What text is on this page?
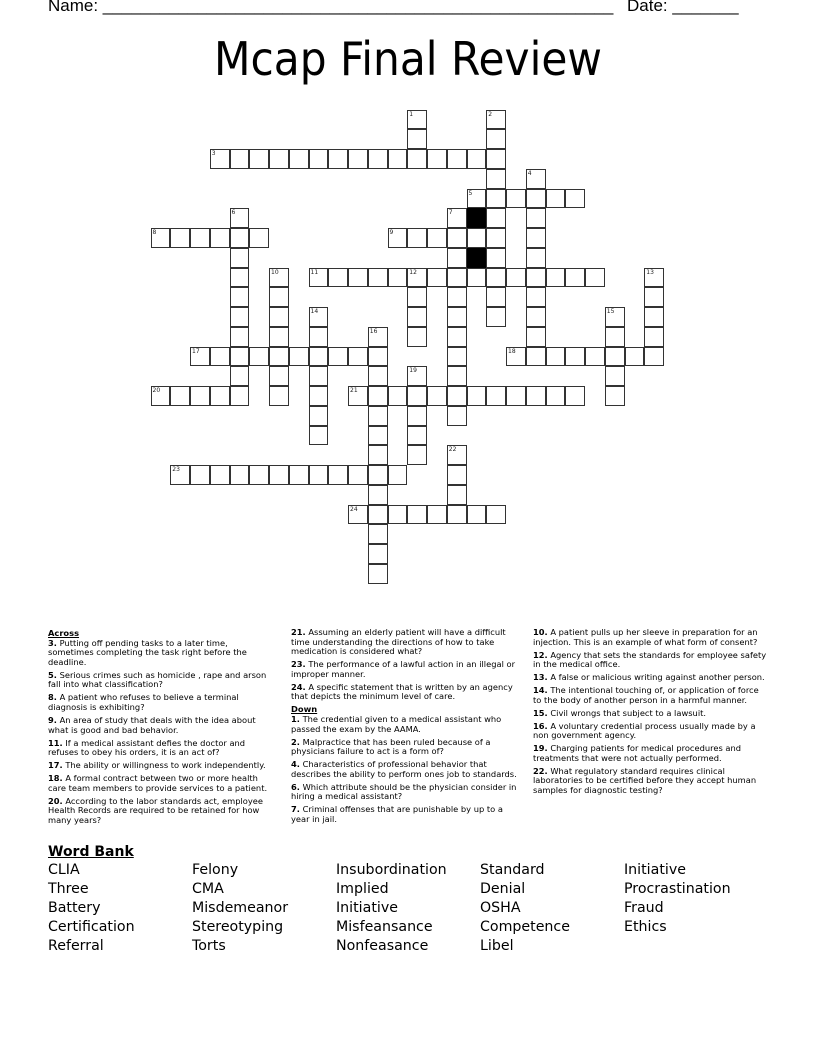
Name: ______________________________________________________ Date: _______
Mcap Final Review
3
5
8	9
11	12
17	18
20	21
23
24
1	2
4
6	7
10	13
14	15
16
19
22
Across
3. Putting off pending tasks to a later time, sometimes completing the task right before the deadline.
5. Serious crimes such as homicide , rape and arson fall into what classification?
8. A patient who refuses to believe a terminal diagnosis is exhibiting?
9. An area of study that deals with the idea about what is good and bad behavior.
11. If a medical assistant defies the doctor and refuses to obey his orders, it is an act of?
17. The ability or willingness to work independently.
18. A formal contract between two or more health care team members to provide services to a patient.
20. According to the labor standards act, employee Health Records are required to be retained for how many years?
21. Assuming an elderly patient will have a difficult time understanding the directions of how to take medication is considered what?
23. The performance of a lawful action in an illegal or improper manner.
24. A specific statement that is written by an agency that depicts the minimum level of care.
Down
1. The credential given to a medical assistant who passed the exam by the AAMA.
2. Malpractice that has been ruled because of a physicians failure to act is a form of?
4. Characteristics of professional behavior that describes the ability to perform ones job to standards.
6. Which attribute should be the physician consider in hiring a medical assistant?
7. Criminal offenses that are punishable by up to a year in jail.
10. A patient pulls up her sleeve in preparation for an injection. This is an example of what form of consent?
12. Agency that sets the standards for employee safety in the medical office.
13. A false or malicious writing against another person.
14. The intentional touching of, or application of force to the body of another person in a harmful manner.
15. Civil wrongs that subject to a lawsuit.
16. A voluntary credential process usually made by a non government agency.
19. Charging patients for medical procedures and treatments that were not actually performed.
22. What regulatory standard requires clinical laboratories to be certified before they accept human samples for diagnostic testing?
Word Bank
CLIA	Felony	Insubordination Standard	Initiative
Three	CMA	Implied	Denial	Procrastination
Battery	Misdemeanor	Initiative	OSHA	Fraud
Certification	Stereotyping	Misfeansance	Competence	Ethics
Referral	Torts	Nonfeasance	Libel
